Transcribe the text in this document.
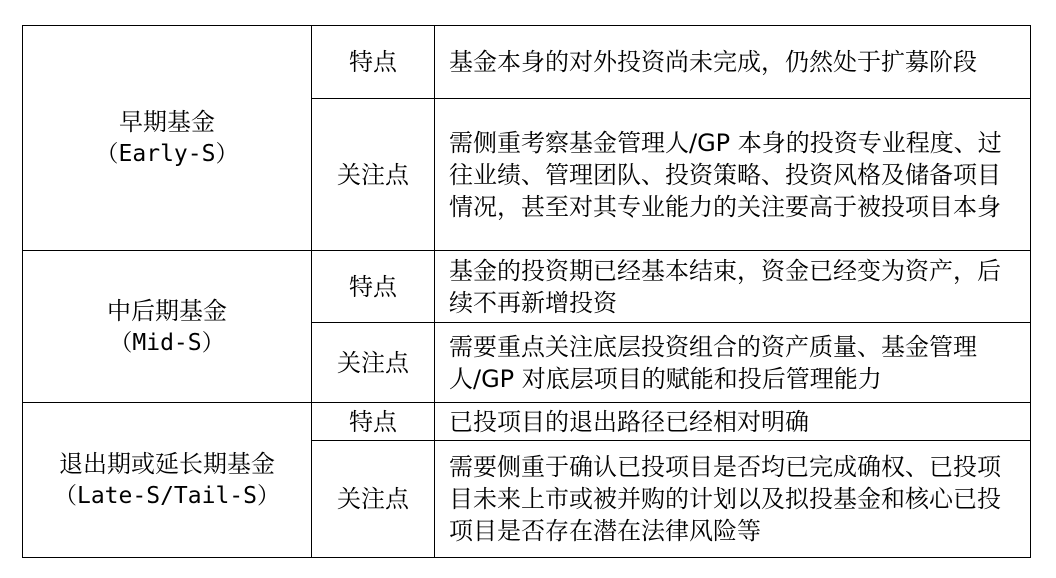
早期基金
（Early-S）	特点	基金本身的对外投资尚未完成，仍然处于扩募阶段
	关注点	需侧重考察基金管理人/GP 本身的投资专业程度、过往业绩、管理团队、投资策略、投资风格及储备项目情况，甚至对其专业能力的关注要高于被投项目本身

中后期基金
（Mid-S）	特点	基金的投资期已经基本结束，资金已经变为资产，后续不再新增投资
	关注点	需要重点关注底层投资组合的资产质量、基金管理人/GP 对底层项目的赋能和投后管理能力

退出期或延长期基金
（Late-S/Tail-S）	特点	已投项目的退出路径已经相对明确
	关注点	需要侧重于确认已投项目是否均已完成确权、已投项目未来上市或被并购的计划以及拟投基金和核心已投项目是否存在潜在法律风险等
